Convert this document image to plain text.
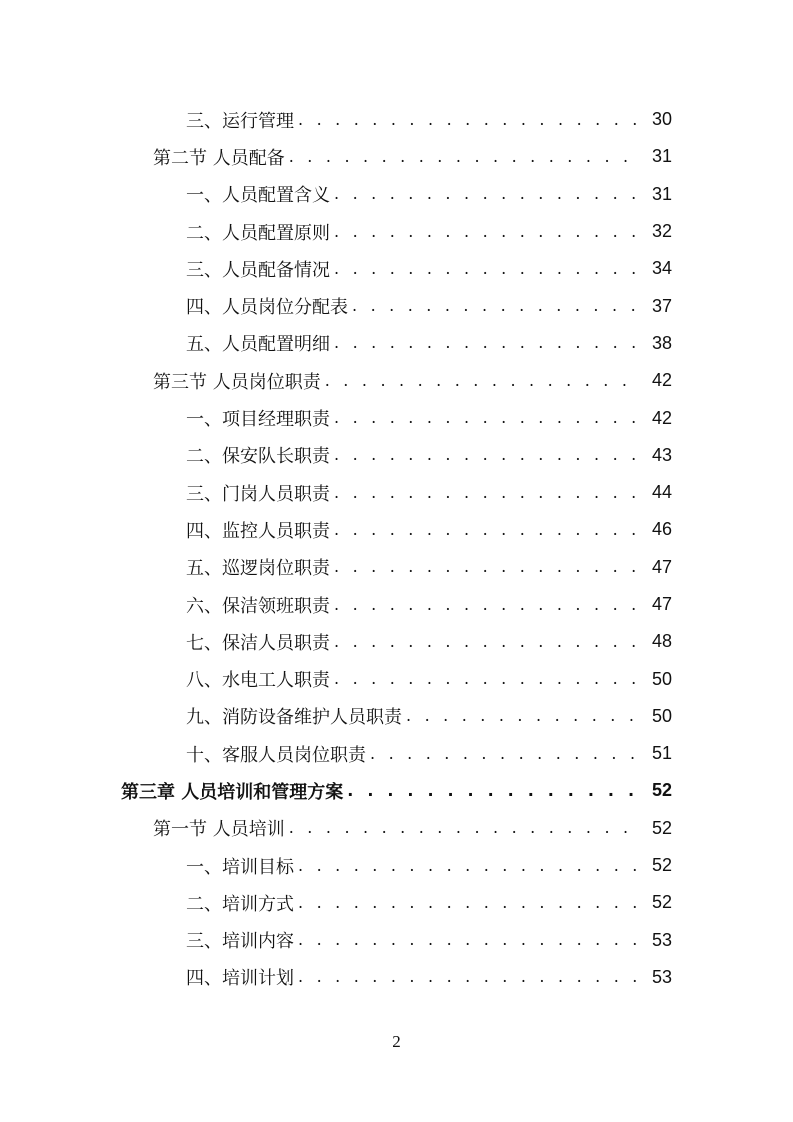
三、运行管理 . . .	30
第二节 人员配备 . . .	31
一、人员配置含义 . . .	31
二、人员配置原则 . . .	32
三、人员配备情况 . . .	34
四、人员岗位分配表 . . .	37
五、人员配置明细 . . .	38
第三节 人员岗位职责 . . .	42
一、项目经理职责 . . .	42
二、保安队长职责 . . .	43
三、门岗人员职责 . . .	44
四、监控人员职责 . . .	46
五、巡逻岗位职责 . . .	47
六、保洁领班职责 . . .	47
七、保洁人员职责 . . .	48
八、水电工人职责 . . .	50
九、消防设备维护人员职责 . . .	50
十、客服人员岗位职责 . . .	51
第三章 人员培训和管理方案 . . .	52
第一节 人员培训 . . .	52
一、培训目标 . . .	52
二、培训方式 . . .	52
三、培训内容 . . .	53
四、培训计划 . . .	53
2
